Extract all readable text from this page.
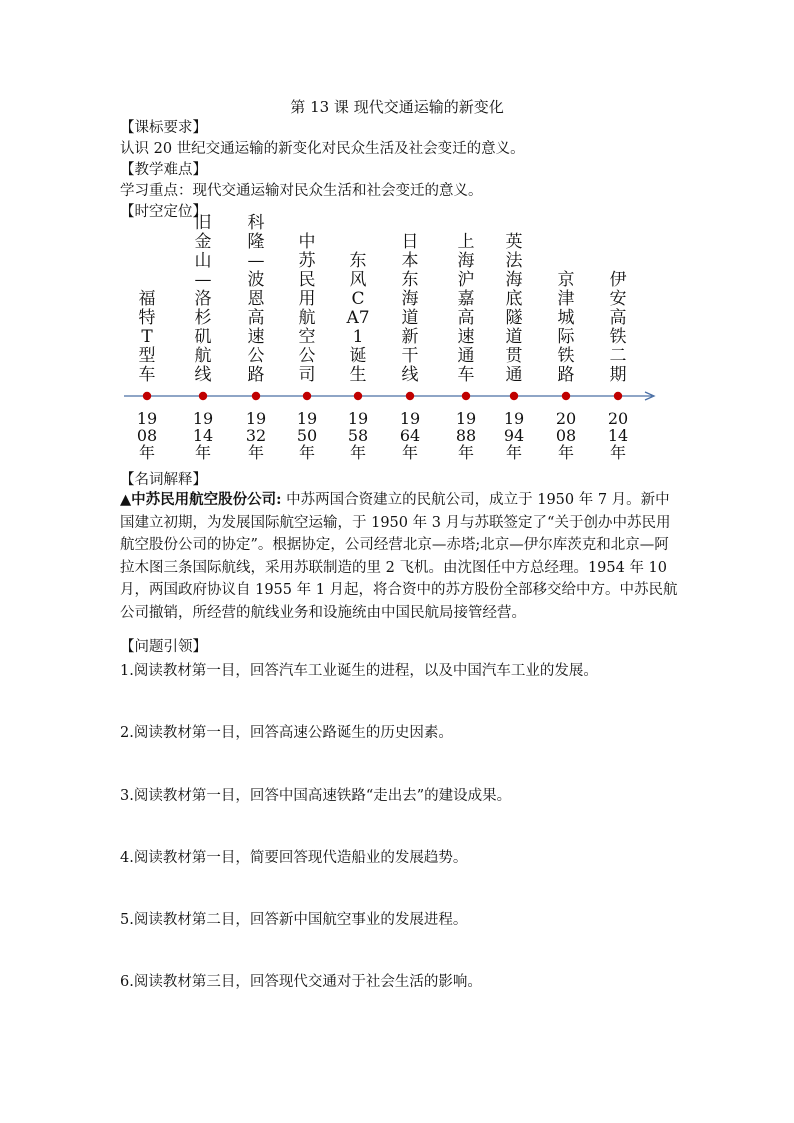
第 13 课 现代交通运输的新变化
【课标要求】
认识 20 世纪交通运输的新变化对民众生活及社会变迁的意义。
【教学难点】
学习重点：现代交通运输对民众生活和社会变迁的意义。
【时空定位】
福特T型车
1908年
旧金山—洛杉矶航线
1914年
科隆—波恩高速公路
1932年
中苏民用航空公司
1950年
东风CA71诞生
1958年
日本东海道新干线
1964年
上海沪嘉高速通车
1988年
英法海底隧道贯通
1994年
京津城际铁路
2008年
伊安高铁二期
2014年
【名词解释】
▲中苏民用航空股份公司: 中苏两国合资建立的民航公司，成立于 1950 年 7 月。新中国建立初期，为发展国际航空运输，于 1950 年 3 月与苏联签定了“关于创办中苏民用航空股份公司的协定”。根据协定，公司经营北京—赤塔;北京—伊尔库茨克和北京—阿拉木图三条国际航线，采用苏联制造的里 2 飞机。由沈图任中方总经理。1954 年 10 月，两国政府协议自 1955 年 1 月起，将合资中的苏方股份全部移交给中方。中苏民航公司撤销，所经营的航线业务和设施统由中国民航局接管经营。
【问题引领】
1.阅读教材第一目，回答汽车工业诞生的进程，以及中国汽车工业的发展。
2.阅读教材第一目，回答高速公路诞生的历史因素。
3.阅读教材第一目，回答中国高速铁路“走出去”的建设成果。
4.阅读教材第一目，简要回答现代造船业的发展趋势。
5.阅读教材第二目，回答新中国航空事业的发展进程。
6.阅读教材第三目，回答现代交通对于社会生活的影响。
